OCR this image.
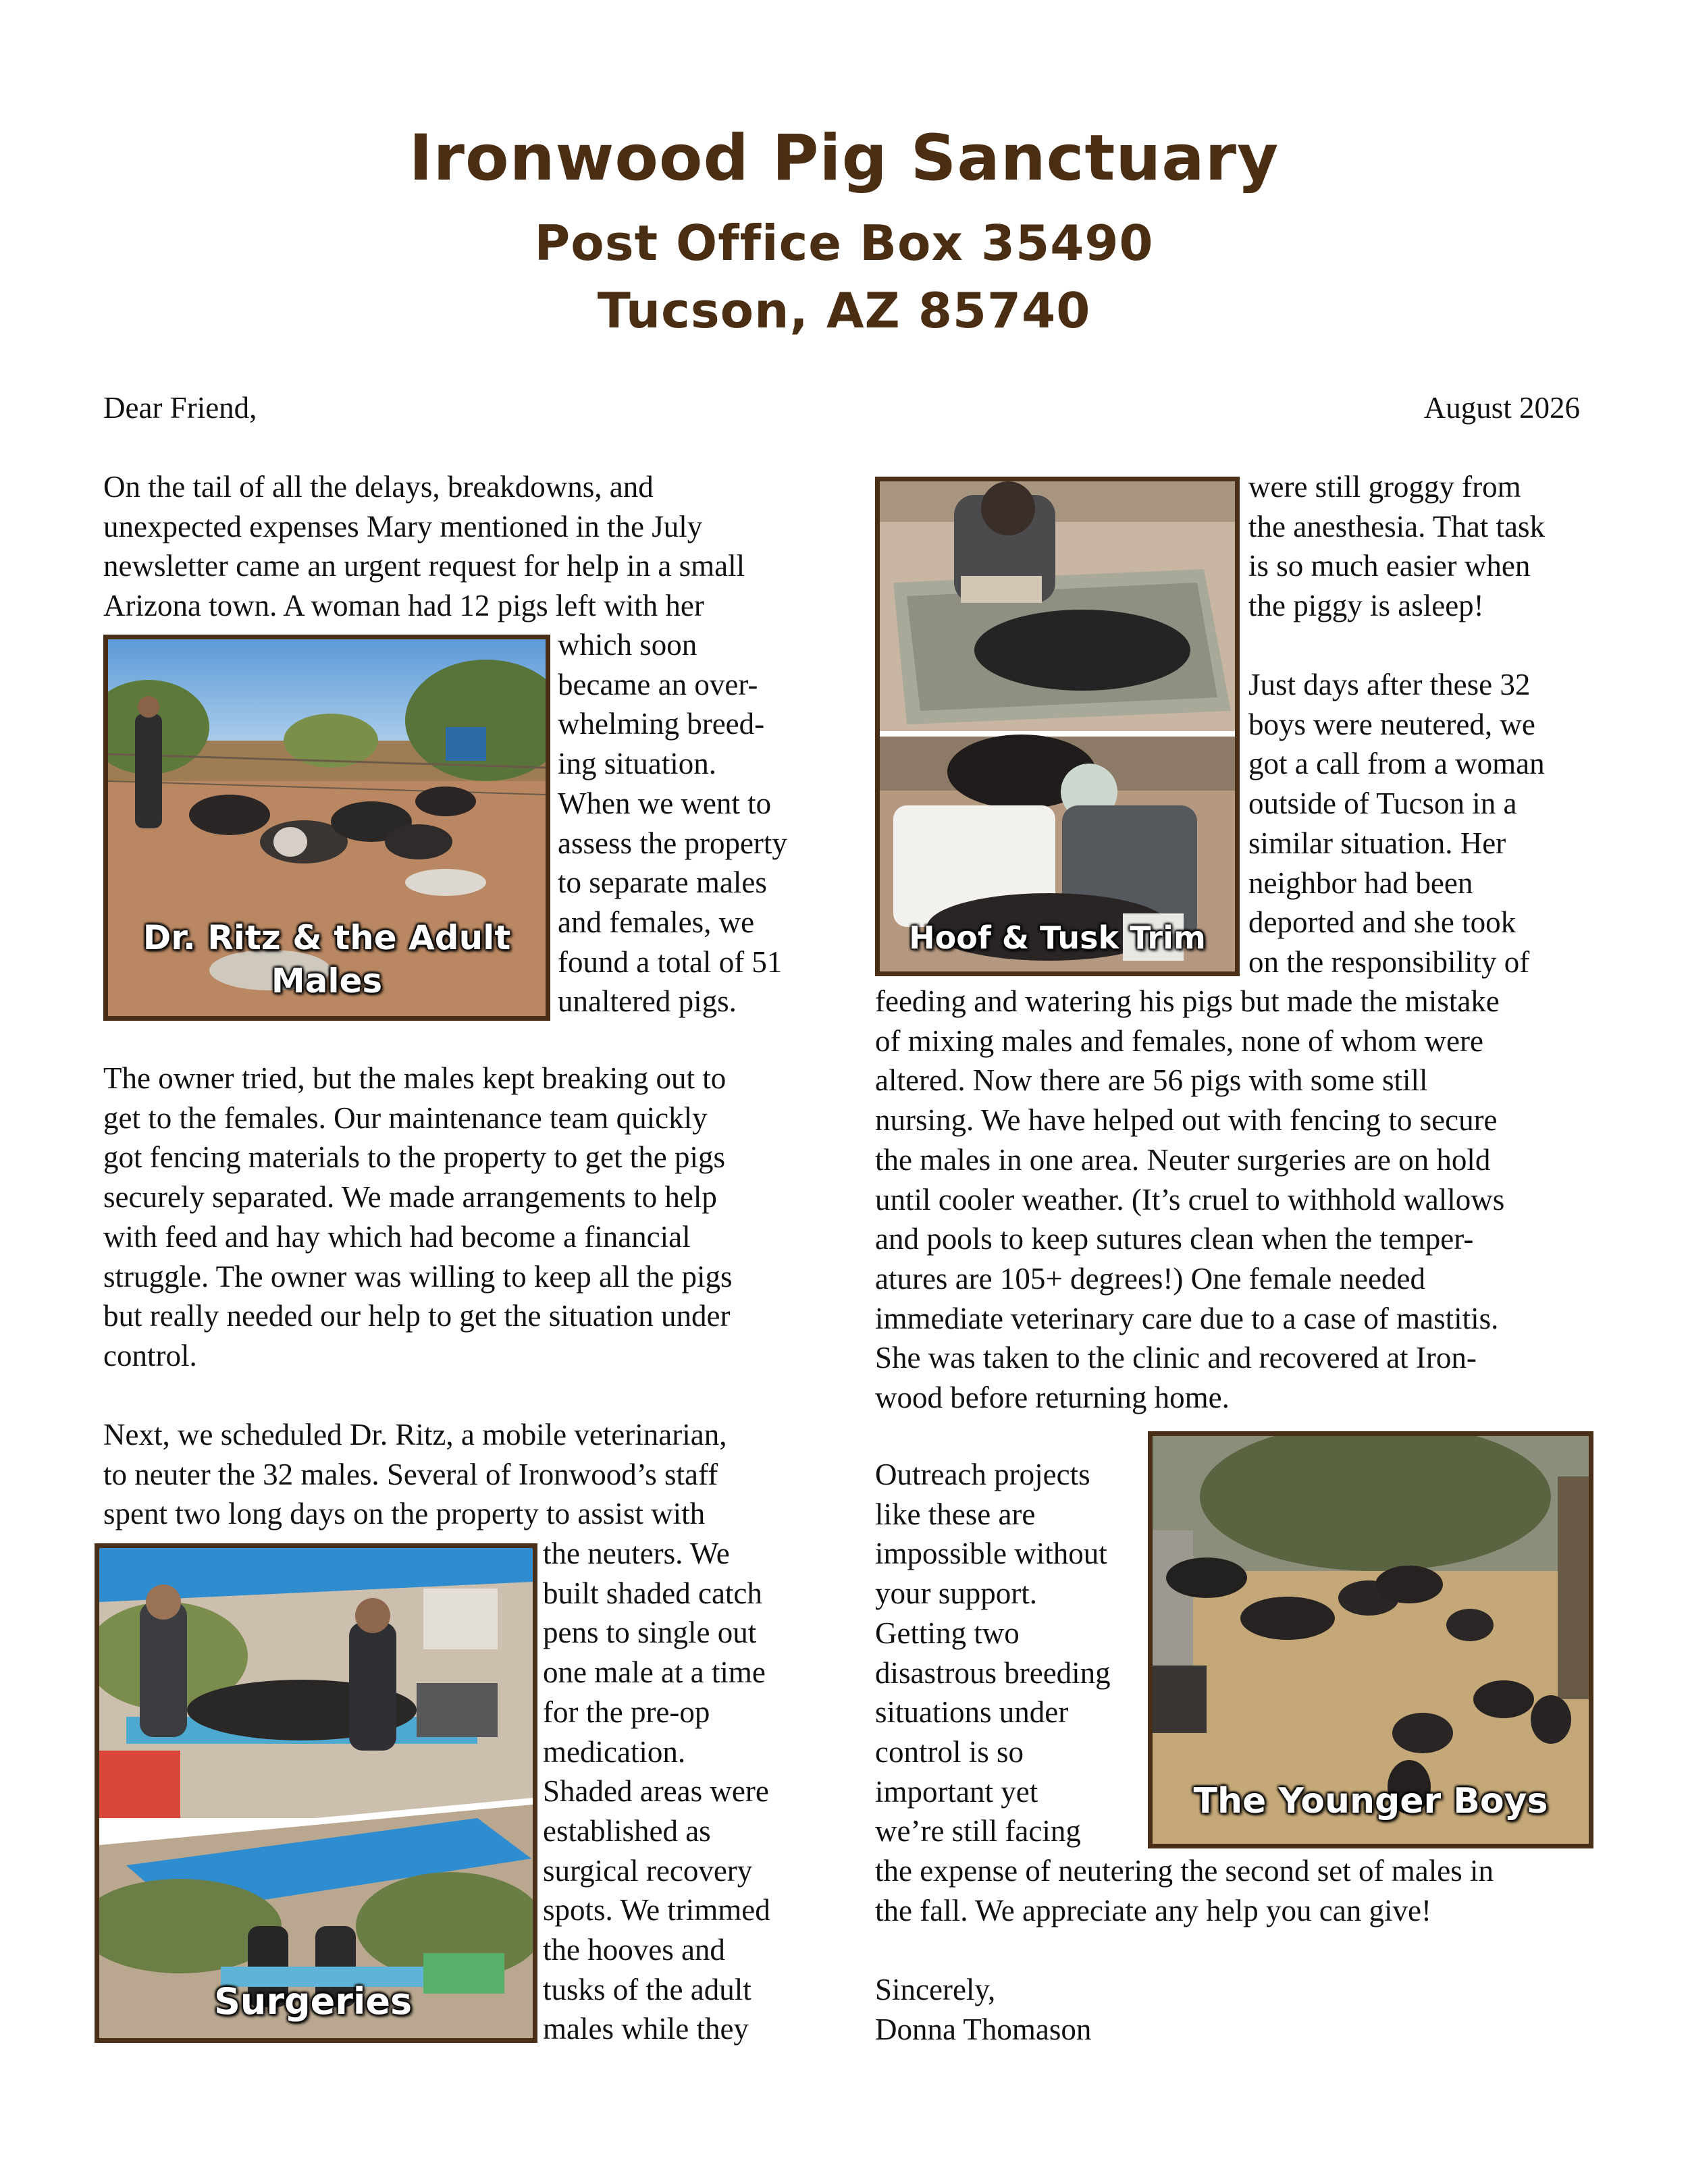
Ironwood Pig Sanctuary
Post Office Box 35490
Tucson, AZ 85740
Dear Friend,	August 2026
On the tail of all the delays, breakdowns, and
unexpected expenses Mary mentioned in the July
newsletter came an urgent request for help in a small
Arizona town. A woman had 12 pigs left with her
which soon
became an over-
whelming breed-
ing situation.
When we went to
assess the property
to separate males
and females, we
found a total of 51
unaltered pigs.
The owner tried, but the males kept breaking out to
get to the females. Our maintenance team quickly
got fencing materials to the property to get the pigs
securely separated. We made arrangements to help
with feed and hay which had become a financial
struggle. The owner was willing to keep all the pigs
but really needed our help to get the situation under
control.
Next, we scheduled Dr. Ritz, a mobile veterinarian,
to neuter the 32 males. Several of Ironwood’s staff
spent two long days on the property to assist with
the neuters. We
built shaded catch
pens to single out
one male at a time
for the pre-op
medication.
Shaded areas were
established as
surgical recovery
spots. We trimmed
the hooves and
tusks of the adult
males while they
were still groggy from
the anesthesia. That task
is so much easier when
the piggy is asleep!
Just days after these 32
boys were neutered, we
got a call from a woman
outside of Tucson in a
similar situation. Her
neighbor had been
deported and she took
on the responsibility of
feeding and watering his pigs but made the mistake
of mixing males and females, none of whom were
altered. Now there are 56 pigs with some still
nursing. We have helped out with fencing to secure
the males in one area. Neuter surgeries are on hold
until cooler weather. (It’s cruel to withhold wallows
and pools to keep sutures clean when the temper-
atures are 105+ degrees!) One female needed
immediate veterinary care due to a case of mastitis.
She was taken to the clinic and recovered at Iron-
wood before returning home.
Outreach projects
like these are
impossible without
your support.
Getting two
disastrous breeding
situations under
control is so
important yet
we’re still facing
the expense of neutering the second set of males in
the fall. We appreciate any help you can give!
Sincerely,
Donna Thomason
Dr. Ritz & the Adult
Males
Hoof & Tusk Trim
Surgeries
The Younger Boys
